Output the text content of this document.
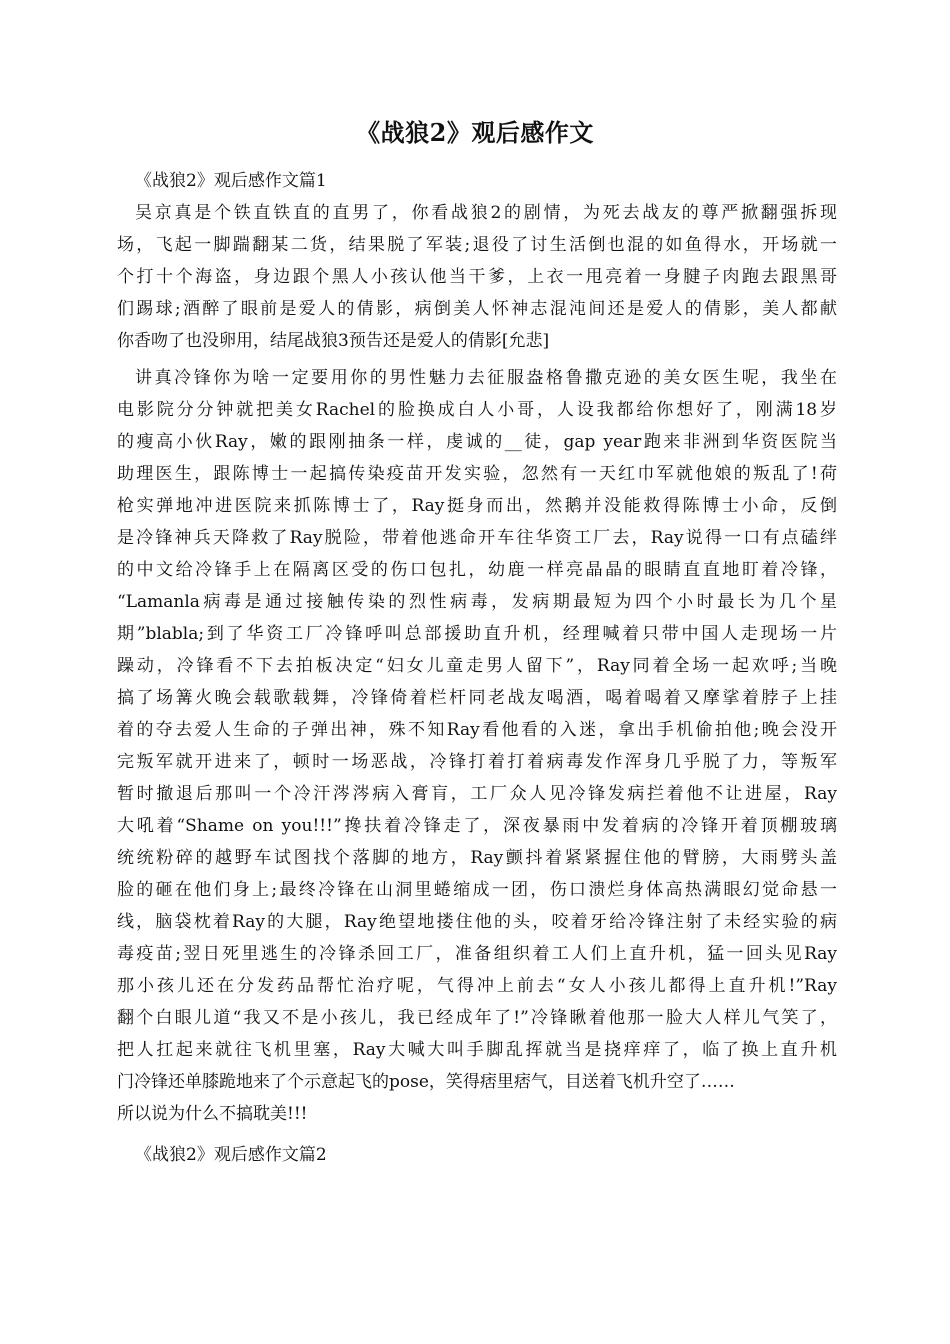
《战狼2》观后感作文
《战狼2》观后感作文篇1
吴京真是个铁直铁直的直男了，你看战狼2的剧情，为死去战友的尊严掀翻强拆现
场，飞起一脚踹翻某二货，结果脱了军装;退役了讨生活倒也混的如鱼得水，开场就一
个打十个海盗，身边跟个黑人小孩认他当干爹，上衣一甩亮着一身腱子肉跑去跟黑哥
们踢球;酒醉了眼前是爱人的倩影，病倒美人怀神志混沌间还是爱人的倩影，美人都献
你香吻了也没卵用，结尾战狼3预告还是爱人的倩影[允悲]
讲真冷锋你为啥一定要用你的男性魅力去征服盎格鲁撒克逊的美女医生呢，我坐在
电影院分分钟就把美女Rachel的脸换成白人小哥，人设我都给你想好了，刚满18岁
的瘦高小伙Ray，嫩的跟刚抽条一样，虔诚的__徒，gap year跑来非洲到华资医院当
助理医生，跟陈博士一起搞传染疫苗开发实验，忽然有一天红巾军就他娘的叛乱了!荷
枪实弹地冲进医院来抓陈博士了，Ray挺身而出，然鹅并没能救得陈博士小命，反倒
是冷锋神兵天降救了Ray脱险，带着他逃命开车往华资工厂去，Ray说得一口有点磕绊
的中文给冷锋手上在隔离区受的伤口包扎，幼鹿一样亮晶晶的眼睛直直地盯着冷锋，
“Lamanla病毒是通过接触传染的烈性病毒，发病期最短为四个小时最长为几个星
期”blabla;到了华资工厂冷锋呼叫总部援助直升机，经理喊着只带中国人走现场一片
躁动，冷锋看不下去拍板决定“妇女儿童走男人留下”，Ray同着全场一起欢呼;当晚
搞了场篝火晚会载歌载舞，冷锋倚着栏杆同老战友喝酒，喝着喝着又摩挲着脖子上挂
着的夺去爱人生命的子弹出神，殊不知Ray看他看的入迷，拿出手机偷拍他;晚会没开
完叛军就开进来了，顿时一场恶战，冷锋打着打着病毒发作浑身几乎脱了力，等叛军
暂时撤退后那叫一个冷汗涔涔病入膏肓，工厂众人见冷锋发病拦着他不让进屋，Ray
大吼着“Shame on you!!!”搀扶着冷锋走了，深夜暴雨中发着病的冷锋开着顶棚玻璃
统统粉碎的越野车试图找个落脚的地方，Ray颤抖着紧紧握住他的臂膀，大雨劈头盖
脸的砸在他们身上;最终冷锋在山洞里蜷缩成一团，伤口溃烂身体高热满眼幻觉命悬一
线，脑袋枕着Ray的大腿，Ray绝望地搂住他的头，咬着牙给冷锋注射了未经实验的病
毒疫苗;翌日死里逃生的冷锋杀回工厂，准备组织着工人们上直升机，猛一回头见Ray
那小孩儿还在分发药品帮忙治疗呢，气得冲上前去“女人小孩儿都得上直升机!”Ray
翻个白眼儿道“我又不是小孩儿，我已经成年了!”冷锋瞅着他那一脸大人样儿气笑了，
把人扛起来就往飞机里塞，Ray大喊大叫手脚乱挥就当是挠痒痒了，临了换上直升机
门冷锋还单膝跪地来了个示意起飞的pose，笑得痞里痞气，目送着飞机升空了……
所以说为什么不搞耽美!!!
《战狼2》观后感作文篇2
